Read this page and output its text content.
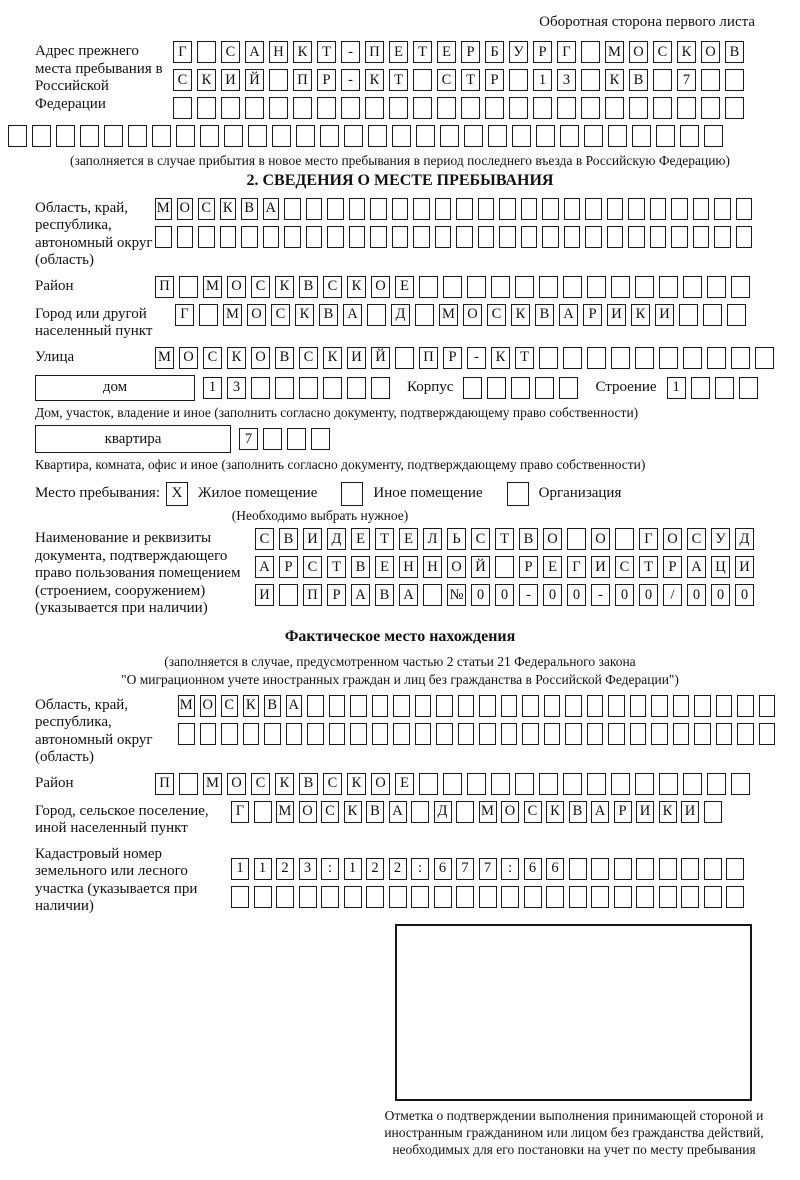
Оборотная сторона первого листа
Адрес прежнего места пребывания в Российской Федерации
Г	С А Н К	Т	-	П Е	Т	Е	Р	Б	У	Р	Г	М О С К О В
С К И Й	П	Р	-	К	Т	С	Т	Р	1	3	К В	7
(заполняется в случае прибытия в новое место пребывания в период последнего въезда в Российскую Федерацию)
2. СВЕДЕНИЯ О МЕСТЕ ПРЕБЫВАНИЯ
Область, край, республика, автономный округ (область)
М О С К В А
Район	П	М О С К В С К О Е
Город или другой населенный пункт
Г	М О С К В А	Д	М О С К В А	Р	И К И
Улица	М О С К О В С К И Й	П	Р	-	К	Т
дом	1	3	Корпус	Строение	1
Дом, участок, владение и иное (заполнить согласно документу, подтверждающему право собственности)
квартира	7
Квартира, комната, офис и иное (заполнить согласно документу, подтверждающему право собственности)
Место пребывания: X	Жилое помещение	Иное помещение	Организация
(Необходимо выбрать нужное)
Наименование и реквизиты документа, подтверждающего право пользования помещением (строением, сооружением) (указывается при наличии)
С В И Д	Е	Т	Е	Л	Ь	С	Т	В О	О	Г	О С У Д
А	Р	С	Т	В	Е Н Н О Й	Р	Е	Г	И С	Т	Р	А Ц И
И	П	Р	А В А № 0	0	-	0	0	-	0	0	/	0	0	0
Фактическое место нахождения
(заполняется в случае, предусмотренном частью 2 статьи 21 Федерального закона
"О миграционном учете иностранных граждан и лиц без гражданства в Российской Федерации")
Область, край, республика, автономный округ (область)
М О С К В А
Район	П	М О С К В С К О Е
Город, сельское поселение, иной населенный пункт
Г	М О С К В А Д М О С К В А Р И К И
Кадастровый номер земельного или лесного участка (указывается при наличии)
1	1	2	3	:	1	2	2	:	6	7	7	:	6	6
Отметка о подтверждении выполнения принимающей стороной и иностранным гражданином или лицом без гражданства действий, необходимых для его постановки на учет по месту пребывания
